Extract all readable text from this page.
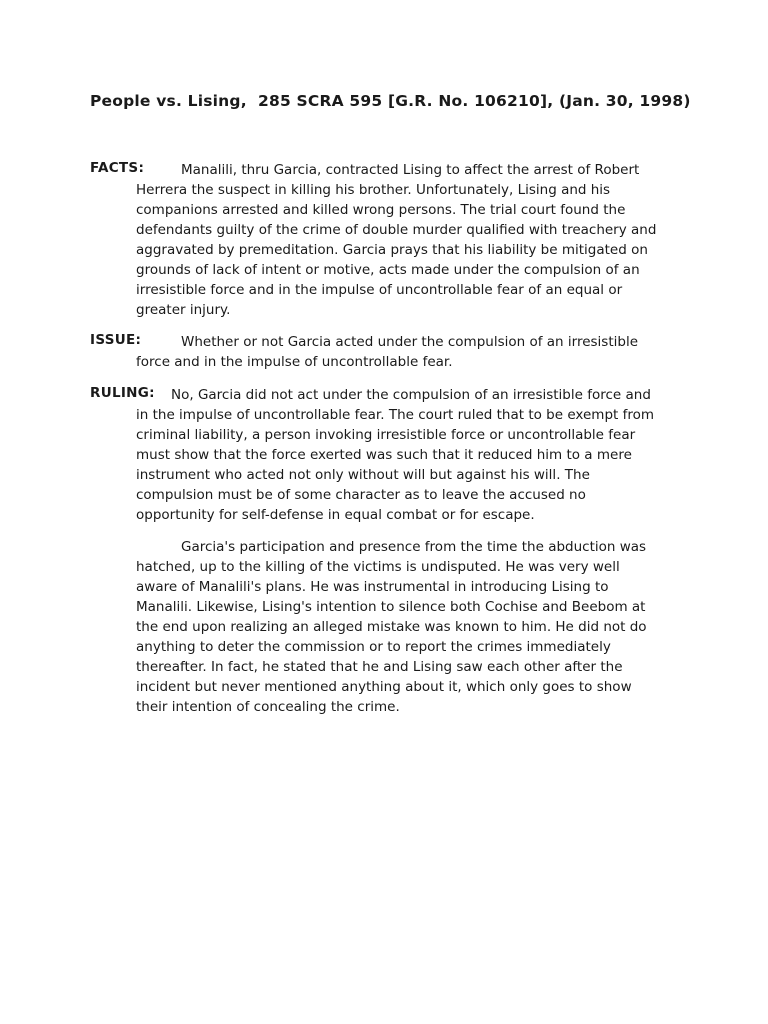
People vs. Lising,  285 SCRA 595 [G.R. No. 106210], (Jan. 30, 1998)
FACTS:	Manalili, thru Garcia, contracted Lising to affect the arrest of Robert
Herrera the suspect in killing his brother. Unfortunately, Lising and his
companions arrested and killed wrong persons. The trial court found the
defendants guilty of the crime of double murder qualified with treachery and
aggravated by premeditation. Garcia prays that his liability be mitigated on
grounds of lack of intent or motive, acts made under the compulsion of an
irresistible force and in the impulse of uncontrollable fear of an equal or
greater injury.
ISSUE:	Whether or not Garcia acted under the compulsion of an irresistible
force and in the impulse of uncontrollable fear.
RULING:	No, Garcia did not act under the compulsion of an irresistible force and
in the impulse of uncontrollable fear. The court ruled that to be exempt from
criminal liability, a person invoking irresistible force or uncontrollable fear
must show that the force exerted was such that it reduced him to a mere
instrument who acted not only without will but against his will. The
compulsion must be of some character as to leave the accused no
opportunity for self-defense in equal combat or for escape.
Garcia's participation and presence from the time the abduction was
hatched, up to the killing of the victims is undisputed. He was very well
aware of Manalili's plans. He was instrumental in introducing Lising to
Manalili. Likewise, Lising's intention to silence both Cochise and Beebom at
the end upon realizing an alleged mistake was known to him. He did not do
anything to deter the commission or to report the crimes immediately
thereafter. In fact, he stated that he and Lising saw each other after the
incident but never mentioned anything about it, which only goes to show
their intention of concealing the crime.
